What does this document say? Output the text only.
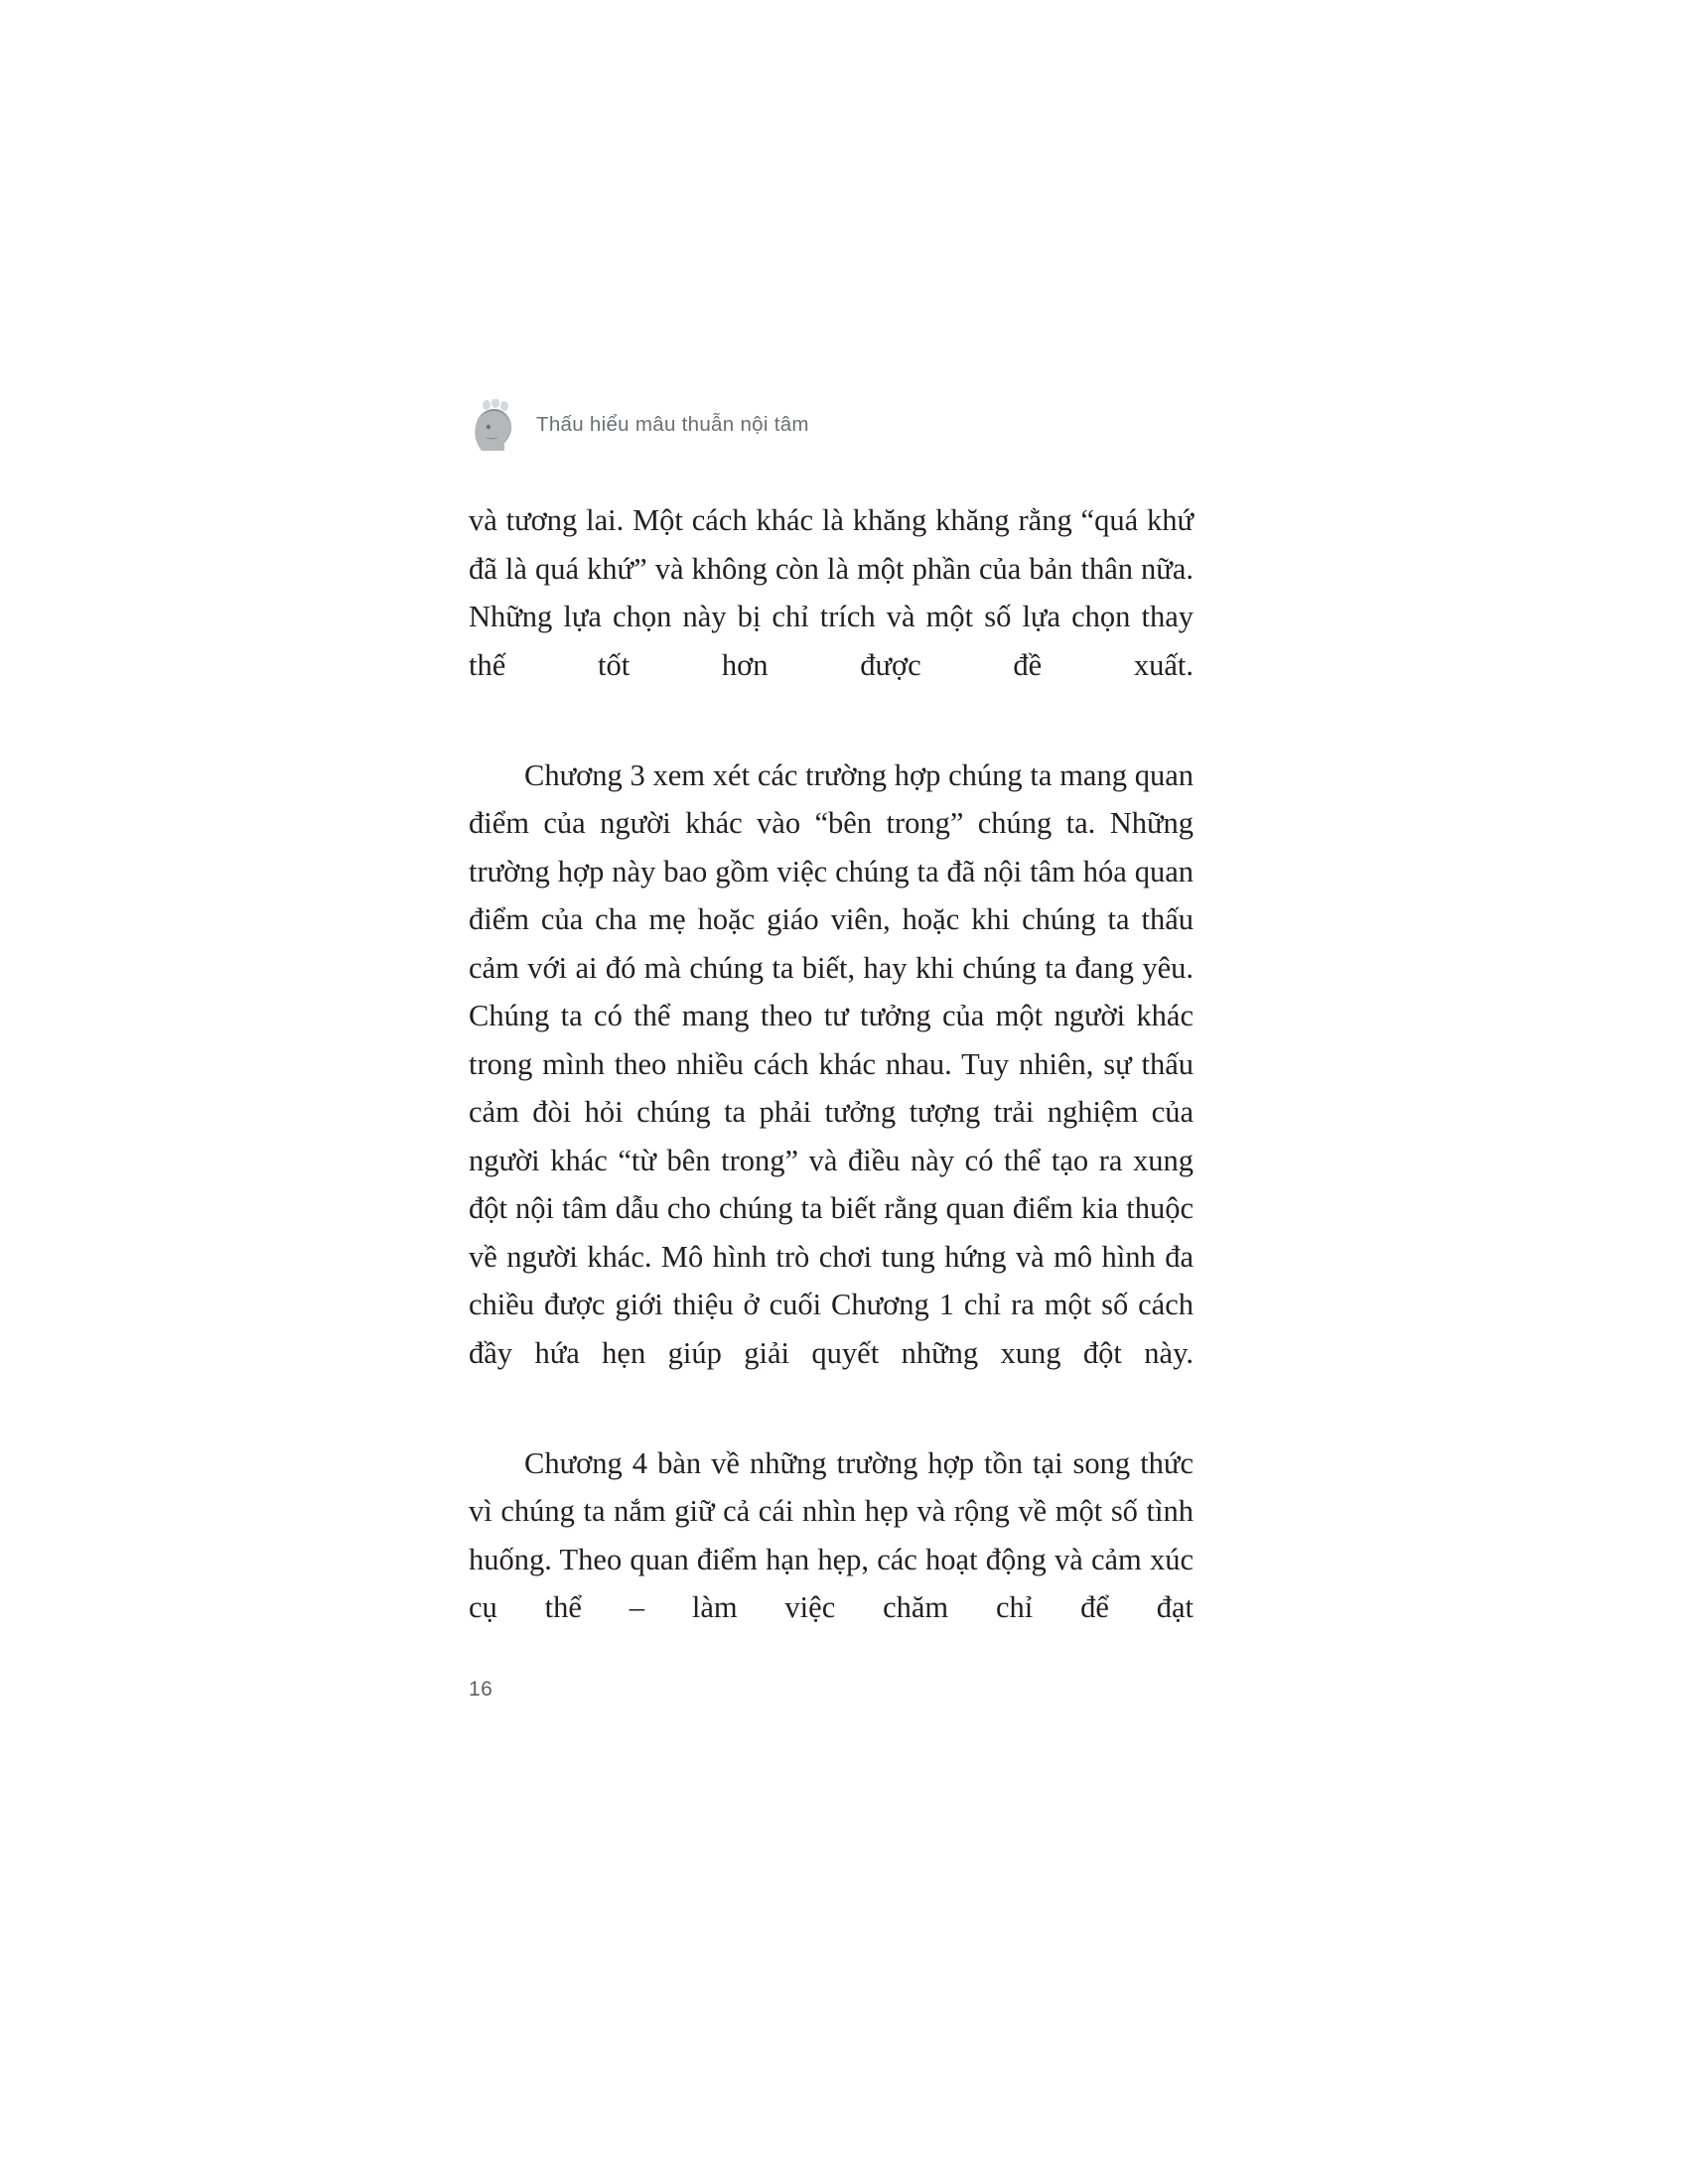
Thấu hiểu mâu thuẫn nội tâm

và tương lai. Một cách khác là khăng khăng rằng “quá khứ đã là quá khứ” và không còn là một phần của bản thân nữa. Những lựa chọn này bị chỉ trích và một số lựa chọn thay thế tốt hơn được đề xuất.

Chương 3 xem xét các trường hợp chúng ta mang quan điểm của người khác vào “bên trong” chúng ta. Những trường hợp này bao gồm việc chúng ta đã nội tâm hóa quan điểm của cha mẹ hoặc giáo viên, hoặc khi chúng ta thấu cảm với ai đó mà chúng ta biết, hay khi chúng ta đang yêu. Chúng ta có thể mang theo tư tưởng của một người khác trong mình theo nhiều cách khác nhau. Tuy nhiên, sự thấu cảm đòi hỏi chúng ta phải tưởng tượng trải nghiệm của người khác “từ bên trong” và điều này có thể tạo ra xung đột nội tâm dẫu cho chúng ta biết rằng quan điểm kia thuộc về người khác. Mô hình trò chơi tung hứng và mô hình đa chiều được giới thiệu ở cuối Chương 1 chỉ ra một số cách đầy hứa hẹn giúp giải quyết những xung đột này.

Chương 4 bàn về những trường hợp tồn tại song thức vì chúng ta nắm giữ cả cái nhìn hẹp và rộng về một số tình huống. Theo quan điểm hạn hẹp, các hoạt động và cảm xúc cụ thể – làm việc chăm chỉ để đạt

16
